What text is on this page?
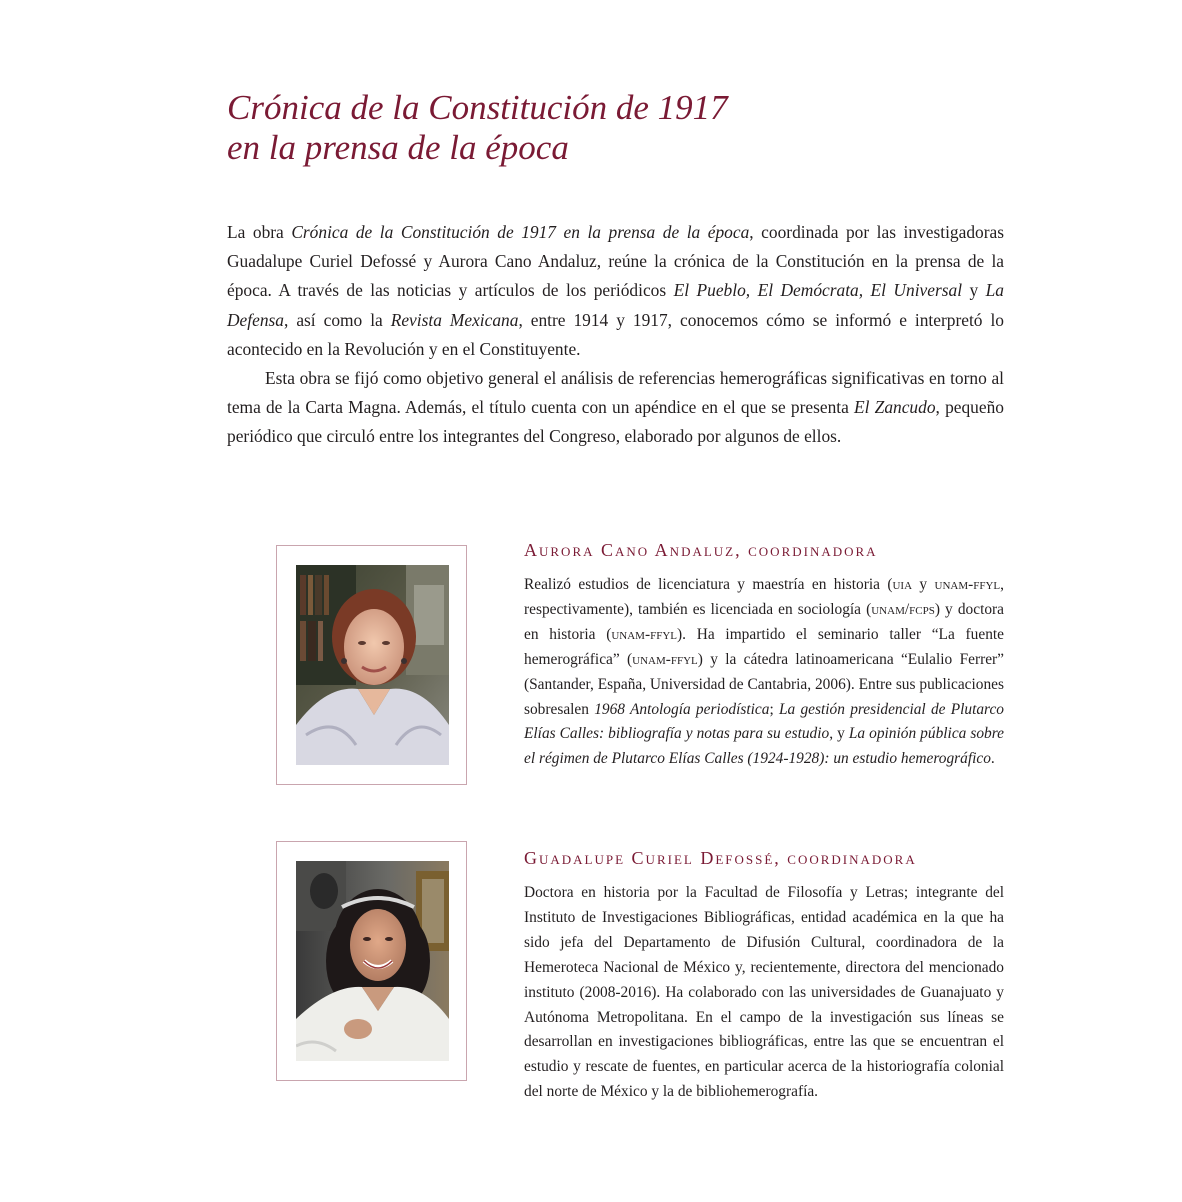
Crónica de la Constitución de 1917
en la prensa de la época

La obra Crónica de la Constitución de 1917 en la prensa de la época, coordinada por las investigadoras Guadalupe Curiel Defossé y Aurora Cano Andaluz, reúne la crónica de la Constitución en la prensa de la época. A través de las noticias y artículos de los periódicos El Pueblo, El Demócrata, El Universal y La Defensa, así como la Revista Mexicana, entre 1914 y 1917, conocemos cómo se informó e interpretó lo acontecido en la Revolución y en el Constituyente.

Esta obra se fijó como objetivo general el análisis de referencias hemerográficas significativas en torno al tema de la Carta Magna. Además, el título cuenta con un apéndice en el que se presenta El Zancudo, pequeño periódico que circuló entre los integrantes del Congreso, elaborado por algunos de ellos.

Aurora Cano Andaluz, coordinadora

Realizó estudios de licenciatura y maestría en historia (uia y unam-ffyl, respectivamente), también es licenciada en sociología (unam/fcps) y doctora en historia (unam-ffyl). Ha impartido el seminario taller “La fuente hemerográfica” (unam-ffyl) y la cátedra latinoamericana “Eulalio Ferrer” (Santander, España, Universidad de Cantabria, 2006). Entre sus publicaciones sobresalen 1968 Antología periodística; La gestión presidencial de Plutarco Elías Calles: bibliografía y notas para su estudio, y La opinión pública sobre el régimen de Plutarco Elías Calles (1924-1928): un estudio hemerográfico.

Guadalupe Curiel Defossé, coordinadora

Doctora en historia por la Facultad de Filosofía y Letras; integrante del Instituto de Investigaciones Bibliográficas, entidad académica en la que ha sido jefa del Departamento de Difusión Cultural, coordinadora de la Hemeroteca Nacional de México y, recientemente, directora del mencionado instituto (2008-2016). Ha colaborado con las universidades de Guanajuato y Autónoma Metropolitana. En el campo de la investigación sus líneas se desarrollan en investigaciones bibliográficas, entre las que se encuentran el estudio y rescate de fuentes, en particular acerca de la historiografía colonial del norte de México y la de bibliohemerografía.
